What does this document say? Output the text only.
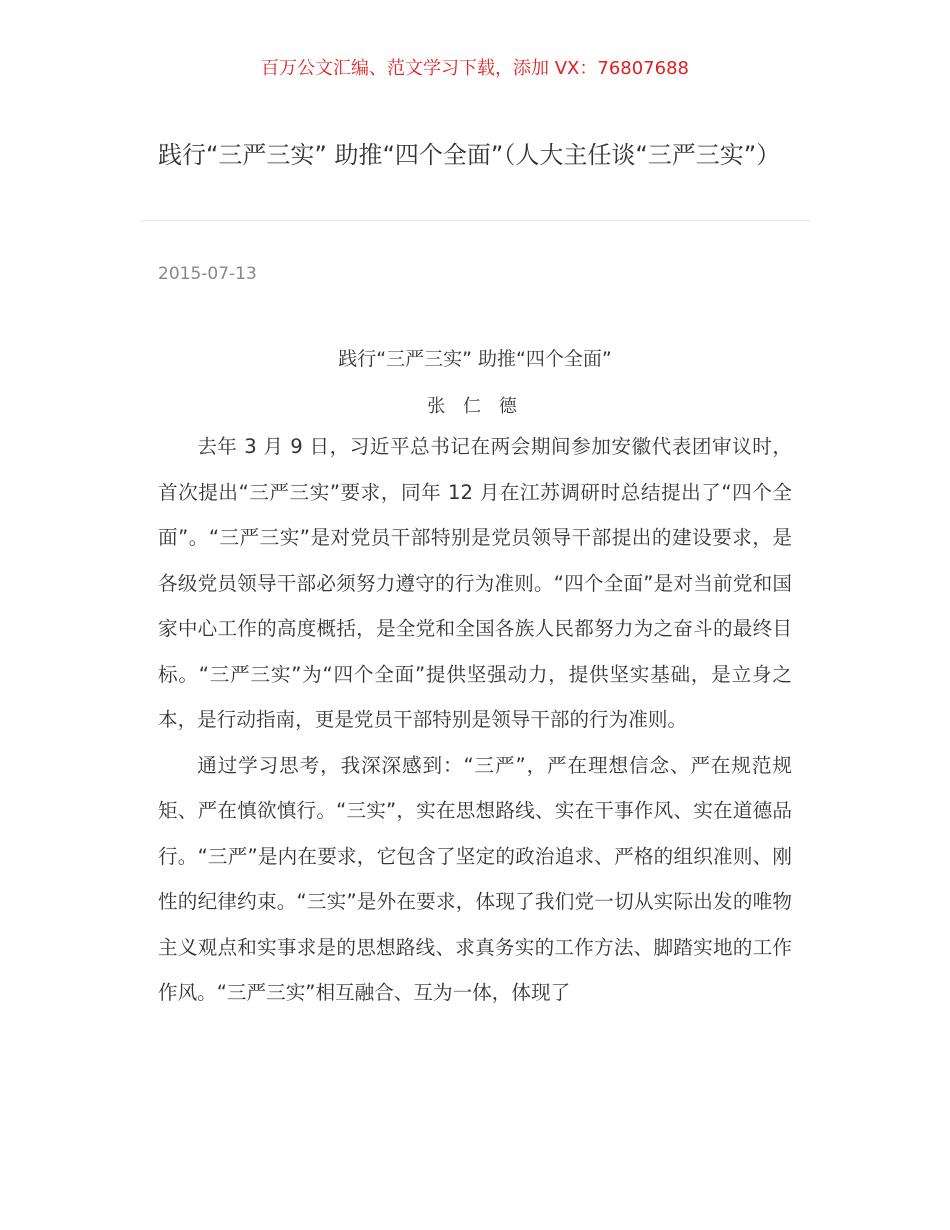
百万公文汇编、范文学习下载，添加 VX：76807688
践行“三严三实” 助推“四个全面”（人大主任谈“三严三实”）
2015-07-13
践行“三严三实” 助推“四个全面”
张 仁 德

去年 3 月 9 日，习近平总书记在两会期间参加安徽代表团审议时，首次提出“三严三实”要求，同年 12 月在江苏调研时总结提出了“四个全面”。“三严三实”是对党员干部特别是党员领导干部提出的建设要求，是各级党员领导干部必须努力遵守的行为准则。“四个全面”是对当前党和国家中心工作的高度概括，是全党和全国各族人民都努力为之奋斗的最终目标。“三严三实”为“四个全面”提供坚强动力，提供坚实基础，是立身之本，是行动指南，更是党员干部特别是领导干部的行为准则。

通过学习思考，我深深感到：“三严”，严在理想信念、严在规范规矩、严在慎欲慎行。“三实”，实在思想路线、实在干事作风、实在道德品行。“三严”是内在要求，它包含了坚定的政治追求、严格的组织准则、刚性的纪律约束。“三实”是外在要求，体现了我们党一切从实际出发的唯物主义观点和实事求是的思想路线、求真务实的工作方法、脚踏实地的工作作风。“三严三实”相互融合、互为一体，体现了
